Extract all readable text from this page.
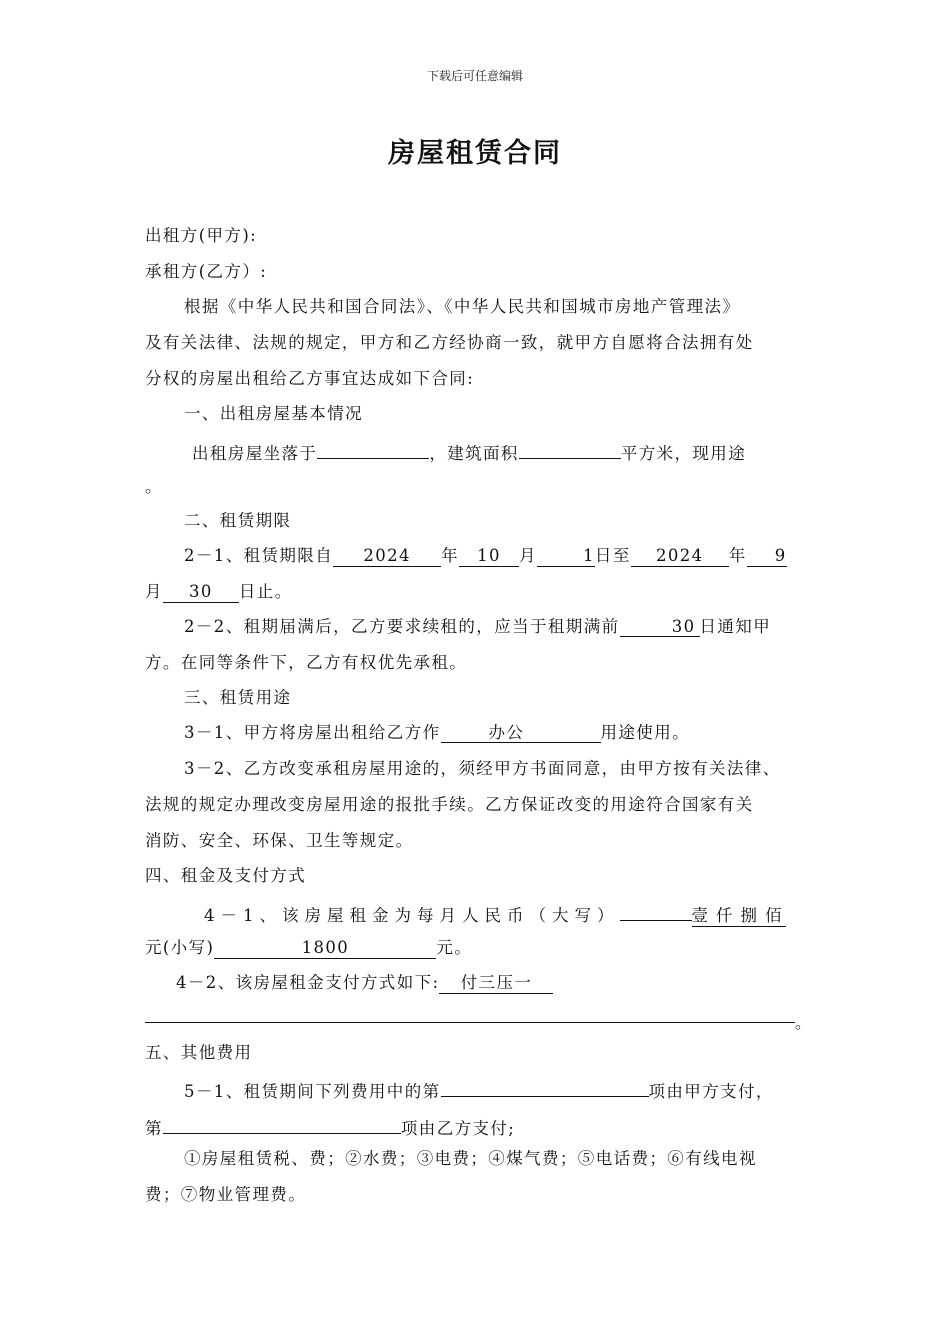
下载后可任意编辑
房屋租赁合同
出租方(甲方):
承租方(乙方）:
根据《中华人民共和国合同法》、《中华人民共和国城市房地产管理法》
及有关法律、法规的规定，甲方和乙方经协商一致，就甲方自愿将合法拥有处
分权的房屋出租给乙方事宜达成如下合同:
一、出租房屋基本情况
出租房屋坐落于	，建筑面积	平方米，现用途
。
二、租赁期限
2－1、租赁期限自 2024 年 10 月	1日至 2024 年 9
月 30 日止。
2－2、租期届满后，乙方要求续租的，应当于租期满前	30 日通知甲
方。在同等条件下，乙方有权优先承租。
三、租赁用途
3－1、甲方将房屋出租给乙方作	办公	用途使用。
3－2、乙方改变承租房屋用途的，须经甲方书面同意，由甲方按有关法律、
法规的规定办理改变房屋用途的报批手续。乙方保证改变的用途符合国家有关
消防、安全、环保、卫生等规定。
四、租金及支付方式
4－1、该房屋租金为每月人民币（大写）	壹仟捌佰
元(小写)	1800	元。
4－2、该房屋租金支付方式如下: 付三压一
。
五、其他费用
5－1、租赁期间下列费用中的第	项由甲方支付，
第	项由乙方支付;
①房屋租赁税、费；②水费；③电费；④煤气费；⑤电话费；⑥有线电视
费；⑦物业管理费。
